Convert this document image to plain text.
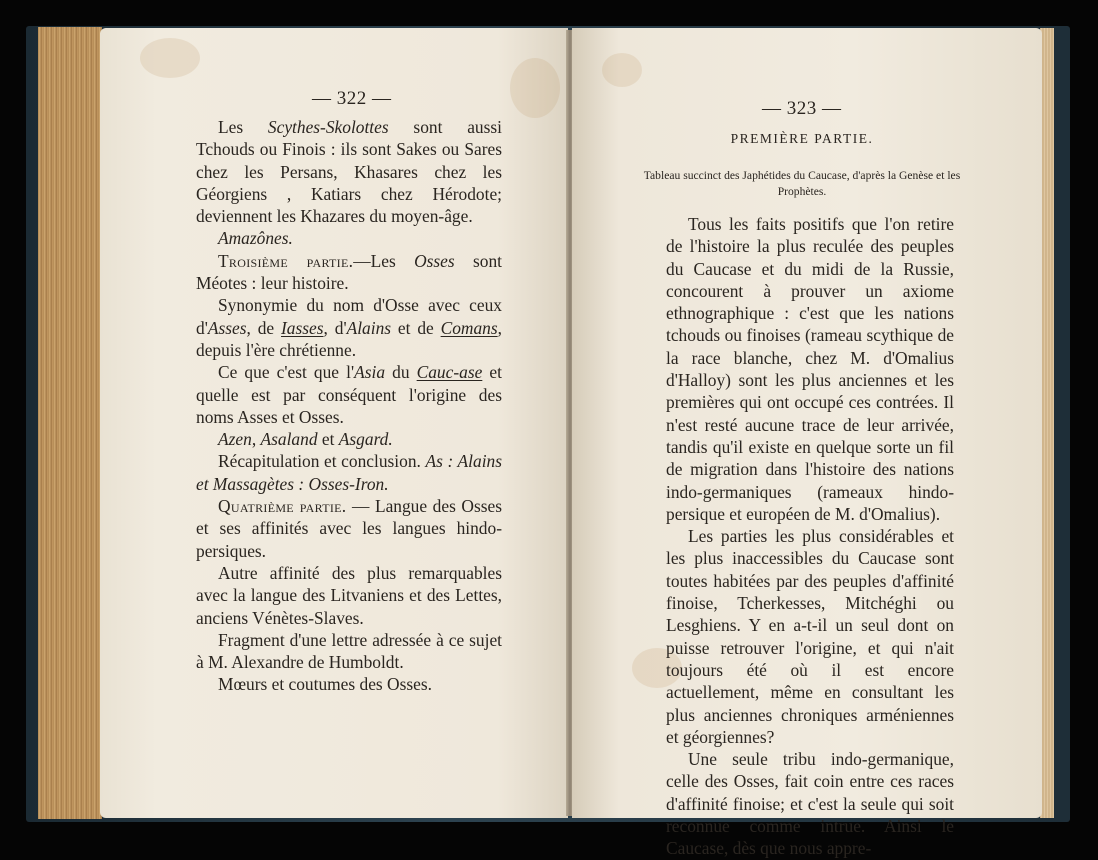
— 322 —

Les Scythes-Skolottes sont aussi Tchouds ou Finois : ils sont Sakes ou Sares chez les Persans, Khasares chez les Géorgiens , Katiars chez Hérodote; deviennent les Khazares du moyen-âge.

Amazônes.

Troisième partie.—Les Osses sont Méotes : leur histoire.

Synonymie du nom d'Osse avec ceux d'Asses, de Iasses, d'Alains et de Comans, depuis l'ère chrétienne.

Ce que c'est que l'Asia du Cauc-ase et quelle est par conséquent l'origine des noms Asses et Osses.

Azen, Asaland et Asgard.

Récapitulation et conclusion. As : Alains et Massagètes : Osses-Iron.

Quatrième partie. — Langue des Osses et ses affinités avec les langues hindo-persiques.

Autre affinité des plus remarquables avec la langue des Litvaniens et des Lettes, anciens Vénètes-Slaves.

Fragment d'une lettre adressée à ce sujet à M. Alexandre de Humboldt.

Mœurs et coutumes des Osses.

— 323 —
PREMIÈRE PARTIE.
Tableau succinct des Japhétides du Caucase, d'après la Genèse et les Prophètes.

Tous les faits positifs que l'on retire de l'histoire la plus reculée des peuples du Caucase et du midi de la Russie, concourent à prouver un axiome ethnographique : c'est que les nations tchouds ou finoises (rameau scythique de la race blanche, chez M. d'Omalius d'Halloy) sont les plus anciennes et les premières qui ont occupé ces contrées. Il n'est resté aucune trace de leur arrivée, tandis qu'il existe en quelque sorte un fil de migration dans l'histoire des nations indo-germaniques (rameaux hindo-persique et européen de M. d'Omalius).

Les parties les plus considérables et les plus inaccessibles du Caucase sont toutes habitées par des peuples d'affinité finoise, Tcherkesses, Mitchéghi ou Lesghiens. Y en a-t-il un seul dont on puisse retrouver l'origine, et qui n'ait toujours été où il est encore actuellement, même en consultant les plus anciennes chroniques arméniennes et géorgiennes?

Une seule tribu indo-germanique, celle des Osses, fait coin entre ces races d'affinité finoise; et c'est la seule qui soit reconnue comme intrue. Ainsi le Caucase, dès que nous appre-
